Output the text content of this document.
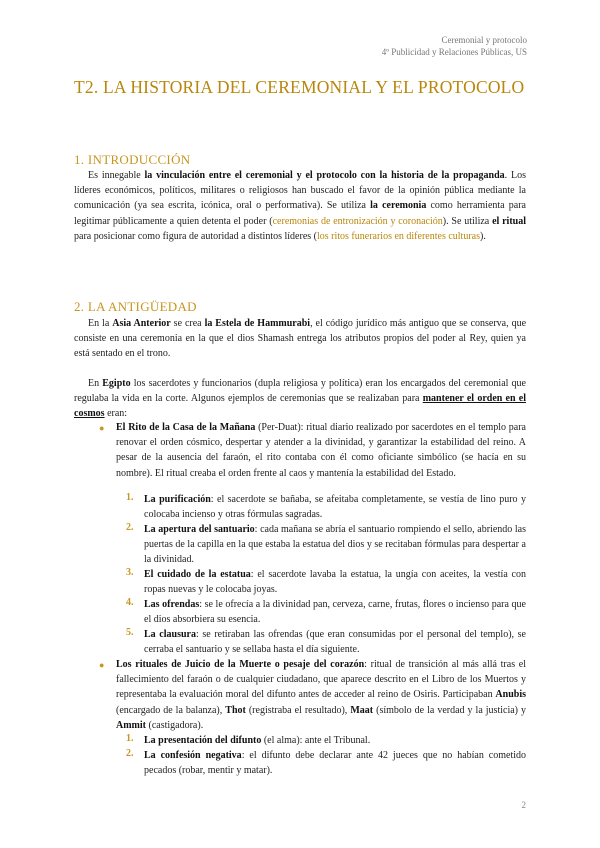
Ceremonial y protocolo
4º Publicidad y Relaciones Públicas, US
T2. LA HISTORIA DEL CEREMONIAL Y EL PROTOCOLO
1. INTRODUCCIÓN
Es innegable la vinculación entre el ceremonial y el protocolo con la historia de la propaganda. Los líderes económicos, políticos, militares o religiosos han buscado el favor de la opinión pública mediante la comunicación (ya sea escrita, icónica, oral o performativa). Se utiliza la ceremonia como herramienta para legitimar públicamente a quien detenta el poder (ceremonias de entronización y coronación). Se utiliza el ritual para posicionar como figura de autoridad a distintos líderes (los ritos funerarios en diferentes culturas).
2. LA ANTIGÜEDAD
En la Asia Anterior se crea la Estela de Hammurabi, el código jurídico más antiguo que se conserva, que consiste en una ceremonia en la que el dios Shamash entrega los atributos propios del poder al Rey, quien ya está sentado en el trono.
En Egipto los sacerdotes y funcionarios (dupla religiosa y política) eran los encargados del ceremonial que regulaba la vida en la corte. Algunos ejemplos de ceremonias que se realizaban para mantener el orden en el cosmos eran:
● El Rito de la Casa de la Mañana (Per-Duat): ritual diario realizado por sacerdotes en el templo para renovar el orden cósmico, despertar y atender a la divinidad, y garantizar la estabilidad del reino. A pesar de la ausencia del faraón, el rito contaba con él como oficiante simbólico (se hacía en su nombre). El ritual creaba el orden frente al caos y mantenía la estabilidad del Estado.
1. La purificación: el sacerdote se bañaba, se afeitaba completamente, se vestía de lino puro y colocaba incienso y otras fórmulas sagradas.
2. La apertura del santuario: cada mañana se abría el santuario rompiendo el sello, abriendo las puertas de la capilla en la que estaba la estatua del dios y se recitaban fórmulas para despertar a la divinidad.
3. El cuidado de la estatua: el sacerdote lavaba la estatua, la ungía con aceites, la vestía con ropas nuevas y le colocaba joyas.
4. Las ofrendas: se le ofrecía a la divinidad pan, cerveza, carne, frutas, flores o incienso para que el dios absorbiera su esencia.
5. La clausura: se retiraban las ofrendas (que eran consumidas por el personal del templo), se cerraba el santuario y se sellaba hasta el día siguiente.
● Los rituales de Juicio de la Muerte o pesaje del corazón: ritual de transición al más allá tras el fallecimiento del faraón o de cualquier ciudadano, que aparece descrito en el Libro de los Muertos y representaba la evaluación moral del difunto antes de acceder al reino de Osiris. Participaban Anubis (encargado de la balanza), Thot (registraba el resultado), Maat (símbolo de la verdad y la justicia) y Ammit (castigadora).
1. La presentación del difunto (el alma): ante el Tribunal.
2. La confesión negativa: el difunto debe declarar ante 42 jueces que no habían cometido pecados (robar, mentir y matar).
2
